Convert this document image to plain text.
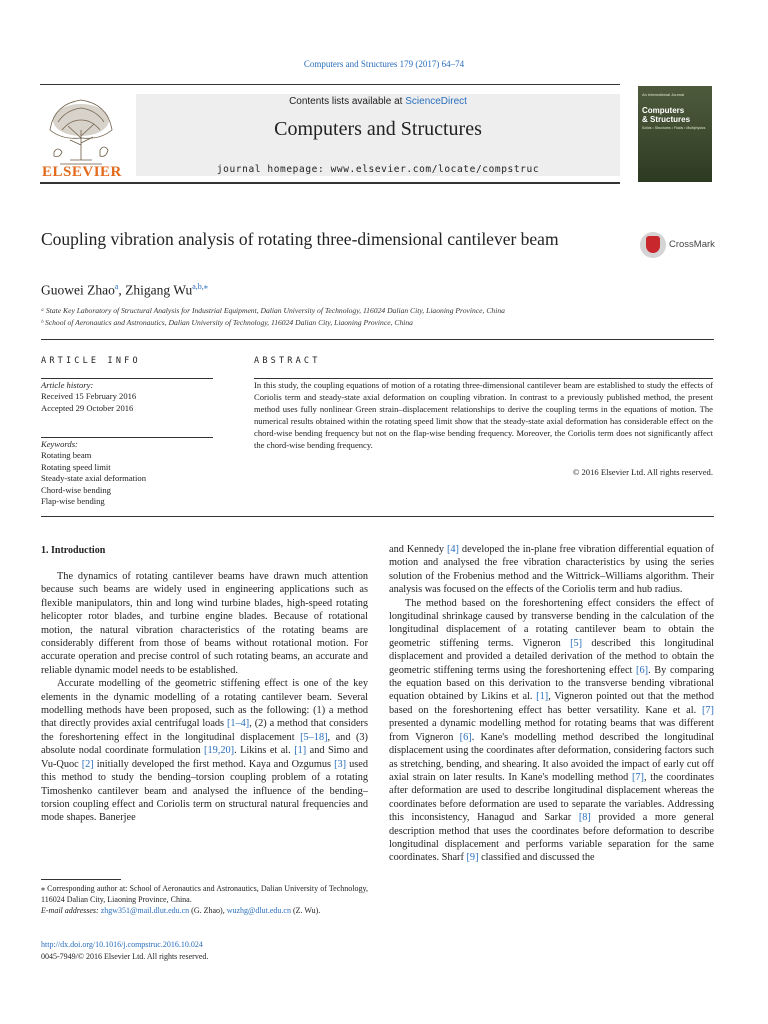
Computers and Structures 179 (2017) 64–74
ELSEVIER
Contents lists available at ScienceDirect
Computers and Structures
journal homepage: www.elsevier.com/locate/compstruc
An International Journal
Computers
& Structures
Solids • Structures • Fluids • Multiphysics
Coupling vibration analysis of rotating three-dimensional cantilever beam	CrossMark
Guowei Zhao$^a$, Zhigang $Wu^{a,b,⁎}$
ᵃ State Key Laboratory of Structural Analysis for Industrial Equipment, Dalian University of Technology, 116024 Dalian City, Liaoning Province, China
ᵇ School of Aeronautics and Astronautics, Dalian University of Technology, 116024 Dalian City, Liaoning Province, China
ARTICLE INFO	ABSTRACT
Article history:
Received 15 February 2016
Accepted 29 October 2016
Keywords:
Rotating beam
Rotating speed limit
Steady-state axial deformation
Chord-wise bending
Flap-wise bending
In this study, the coupling equations of motion of a rotating three-dimensional cantilever beam are established to study the effects of Coriolis term and steady-state axial deformation on coupling vibration. In contrast to a previously published method, the present method uses fully nonlinear Green strain–displacement relationships to derive the coupling terms in the equations of motion. The numerical results obtained within the rotating speed limit show that the steady-state axial deformation has considerable effect on the chord-wise bending frequency but not on the flap-wise bending frequency. Moreover, the Coriolis term does not significantly affect the chord-wise bending frequency.
© 2016 Elsevier Ltd. All rights reserved.
1. Introduction

The dynamics of rotating cantilever beams have drawn much attention because such beams are widely used in engineering applications such as flexible manipulators, thin and long wind turbine blades, high-speed rotating helicopter rotor blades, and turbine engine blades. Because of rotational motion, the natural vibration characteristics of the rotating beams are considerably different from those of beams without rotational motion. For accurate operation and precise control of such rotating beams, an accurate and reliable dynamic model needs to be established.

Accurate modelling of the geometric stiffening effect is one of the key elements in the dynamic modelling of a rotating cantilever beam. Several modelling methods have been proposed, such as the following: (1) a method that directly provides axial centrifugal loads [1–4], (2) a method that considers the foreshortening effect in the longitudinal displacement [5–18], and (3) absolute nodal coordinate formulation [19,20]. Likins et al. [1] and Simo and Vu-Quoc [2] initially developed the first method. Kaya and Ozgumus [3] used this method to study the bending–torsion coupling problem of a rotating Timoshenko cantilever beam and analysed the influence of the bending–torsion coupling effect and Coriolis term on structural natural frequencies and mode shapes. Banerjee

and Kennedy [4] developed the in-plane free vibration differential equation of motion and analysed the free vibration characteristics by using the series solution of the Frobenius method and the Wittrick–Williams algorithm. Their analysis was focused on the effects of the Coriolis term and hub radius.

The method based on the foreshortening effect considers the effect of longitudinal shrinkage caused by transverse bending in the calculation of the longitudinal displacement of a rotating cantilever beam to obtain the geometric stiffening terms. Vigneron [5] described this longitudinal displacement and provided a detailed derivation of the method to obtain the geometric stiffening terms using the foreshortening effect [6]. By comparing the equation based on this derivation to the transverse bending vibrational equation obtained by Likins et al. [1], Vigneron pointed out that the method based on the foreshortening effect has better versatility. Kane et al. [7] presented a dynamic modelling method for rotating beams that was different from Vigneron [6]. Kane's modelling method described the longitudinal displacement using the coordinates after deformation, considering factors such as stretching, bending, and shearing. It also avoided the impact of early cut off axial strain on later results. In Kane's modelling method [7], the coordinates after deformation are used to describe longitudinal displacement whereas the coordinates before deformation are used to separate the variables. Addressing this inconsistency, Hanagud and Sarkar [8] provided a more general description method that uses the coordinates before deformation to describe longitudinal displacement and performs variable separation for the same coordinates. Sharf [9] classified and discussed the

⁎ Corresponding author at: School of Aeronautics and Astronautics, Dalian University of Technology, 116024 Dalian City, Liaoning Province, China.
E-mail addresses: zhgw351@mail.dlut.edu.cn (G. Zhao), wuzhg@dlut.edu.cn (Z. Wu).
http://dx.doi.org/10.1016/j.compstruc.2016.10.024
0045-7949/© 2016 Elsevier Ltd. All rights reserved.
